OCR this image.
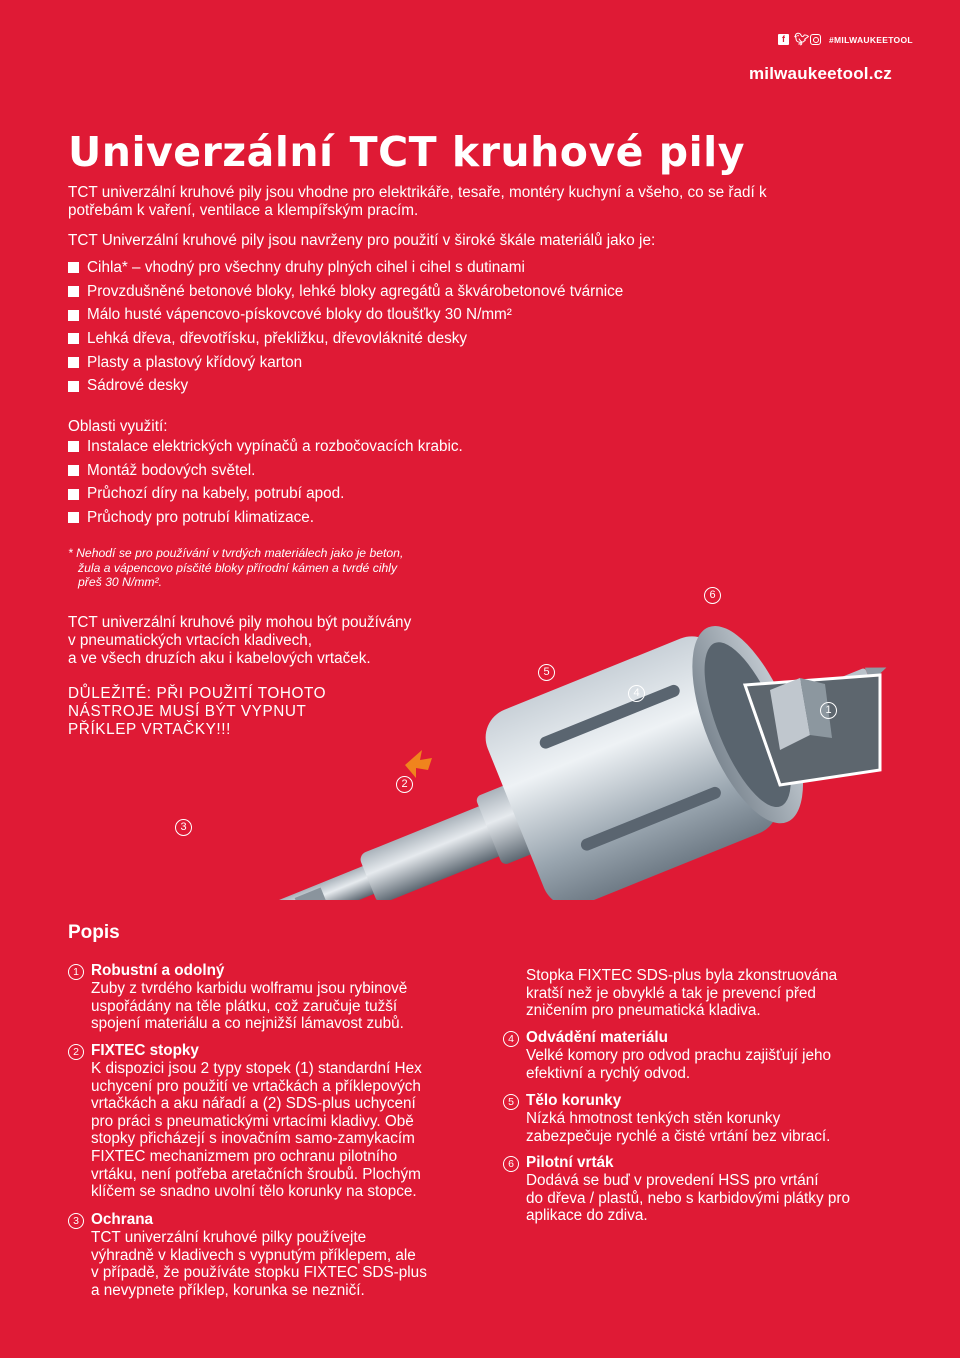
f 🐦︎ #MILWAUKEETOOL
milwaukeetool.cz
Univerzální TCT kruhové pily
TCT univerzální kruhové pily jsou vhodne pro elektrikáře, tesaře, montéry kuchyní a všeho, co se řadí k potřebám k vaření, ventilace a klempířským pracím.
TCT Univerzální kruhové pily jsou navrženy pro použití v široké škále materiálů jako je:
Cihla* – vhodný pro všechny druhy plných cihel i cihel s dutinami
Provzdušněné betonové bloky, lehké bloky agregátů a škvárobetonové tvárnice
Málo husté vápencovo-pískovcové bloky do tloušťky 30 N/mm²
Lehká dřeva, dřevotřísku, překližku, dřevovláknité desky
Plasty a plastový křídový karton
Sádrové desky
Oblasti využití:
Instalace elektrických vypínačů a rozbočovacích krabic.
Montáž bodových světel.
Průchozí díry na kabely, potrubí apod.
Průchody pro potrubí klimatizace.
* Nehodí se pro používání v tvrdých materiálech jako je beton,
žula a vápencovo písčité bloky přírodní kámen a tvrdé cihly
přeš 30 N/mm².
TCT univerzální kruhové pily mohou být používány
v pneumatických vrtacích kladivech,
a ve všech druzích aku i kabelových vrtaček.
DŮLEŽITÉ: PŘI POUŽITÍ TOHOTO
NÁSTROJE MUSÍ BÝT VYPNUT
PŘÍKLEP VRTAČKY!!!
6
5
4
1
2
3
Popis
1 Robustní a odolný
Zuby z tvrdého karbidu wolframu jsou rybinově
uspořádány na těle plátku, což zaručuje tužší
spojení materiálu a co nejnižší lámavost zubů.
2 FIXTEC stopky
K dispozici jsou 2 typy stopek (1) standardní Hex
uchycení pro použití ve vrtačkách a příklepových
vrtačkách a aku nářadí a (2) SDS-plus uchycení
pro práci s pneumatickými vrtacími kladivy. Obě
stopky přicházejí s inovačním samo-zamykacím
FIXTEC mechanizmem pro ochranu pilotního
vrtáku, není potřeba aretačních šroubů. Plochým
klíčem se snadno uvolní tělo korunky na stopce.
3 Ochrana
TCT univerzální kruhové pilky používejte
výhradně v kladivech s vypnutým příklepem, ale
v případě, že používáte stopku FIXTEC SDS-plus
a nevypnete příklep, korunka se nezničí.
Stopka FIXTEC SDS-plus byla zkonstruována
kratší než je obvyklé a tak je prevencí před
zničením pro pneumatická kladiva.
4 Odvádění materiálu
Velké komory pro odvod prachu zajišťují jeho
efektivní a rychlý odvod.
5 Tělo korunky
Nízká hmotnost tenkých stěn korunky
zabezpečuje rychlé a čisté vrtání bez vibrací.
6 Pilotní vrták
Dodává se buď v provedení HSS pro vrtání
do dřeva / plastů, nebo s karbidovými plátky pro
aplikace do zdiva.
